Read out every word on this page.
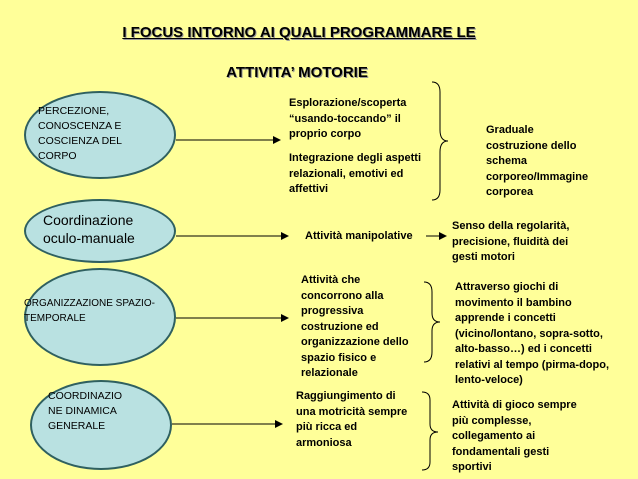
I FOCUS INTORNO AI QUALI PROGRAMMARE LE
ATTIVITA’ MOTORIE
PERCEZIONE,
CONOSCENZA E
COSCIENZA DEL
CORPO
Coordinazione
oculo-manuale
ORGANIZZAZIONE SPAZIO-
TEMPORALE
COORDINAZIO
NE DINAMICA
GENERALE
Esplorazione/scoperta
“usando-toccando” il
proprio corpo
Integrazione degli aspetti
relazionali, emotivi ed
affettivi
Attività manipolative
Attività che
concorrono alla
progressiva
costruzione ed
organizzazione dello
spazio fisico e
relazionale
Raggiungimento di
una motricità sempre
più ricca ed
armoniosa
Graduale
costruzione dello
schema
corporeo/Immagine
corporea
Senso della regolarità,
precisione, fluidità dei
gesti motori
Attraverso giochi di
movimento il bambino
apprende i concetti
(vicino/lontano, sopra-sotto,
alto-basso…) ed i concetti
relativi al tempo (pirma-dopo,
lento-veloce)
Attività di gioco sempre
più complesse,
collegamento ai
fondamentali gesti
sportivi
